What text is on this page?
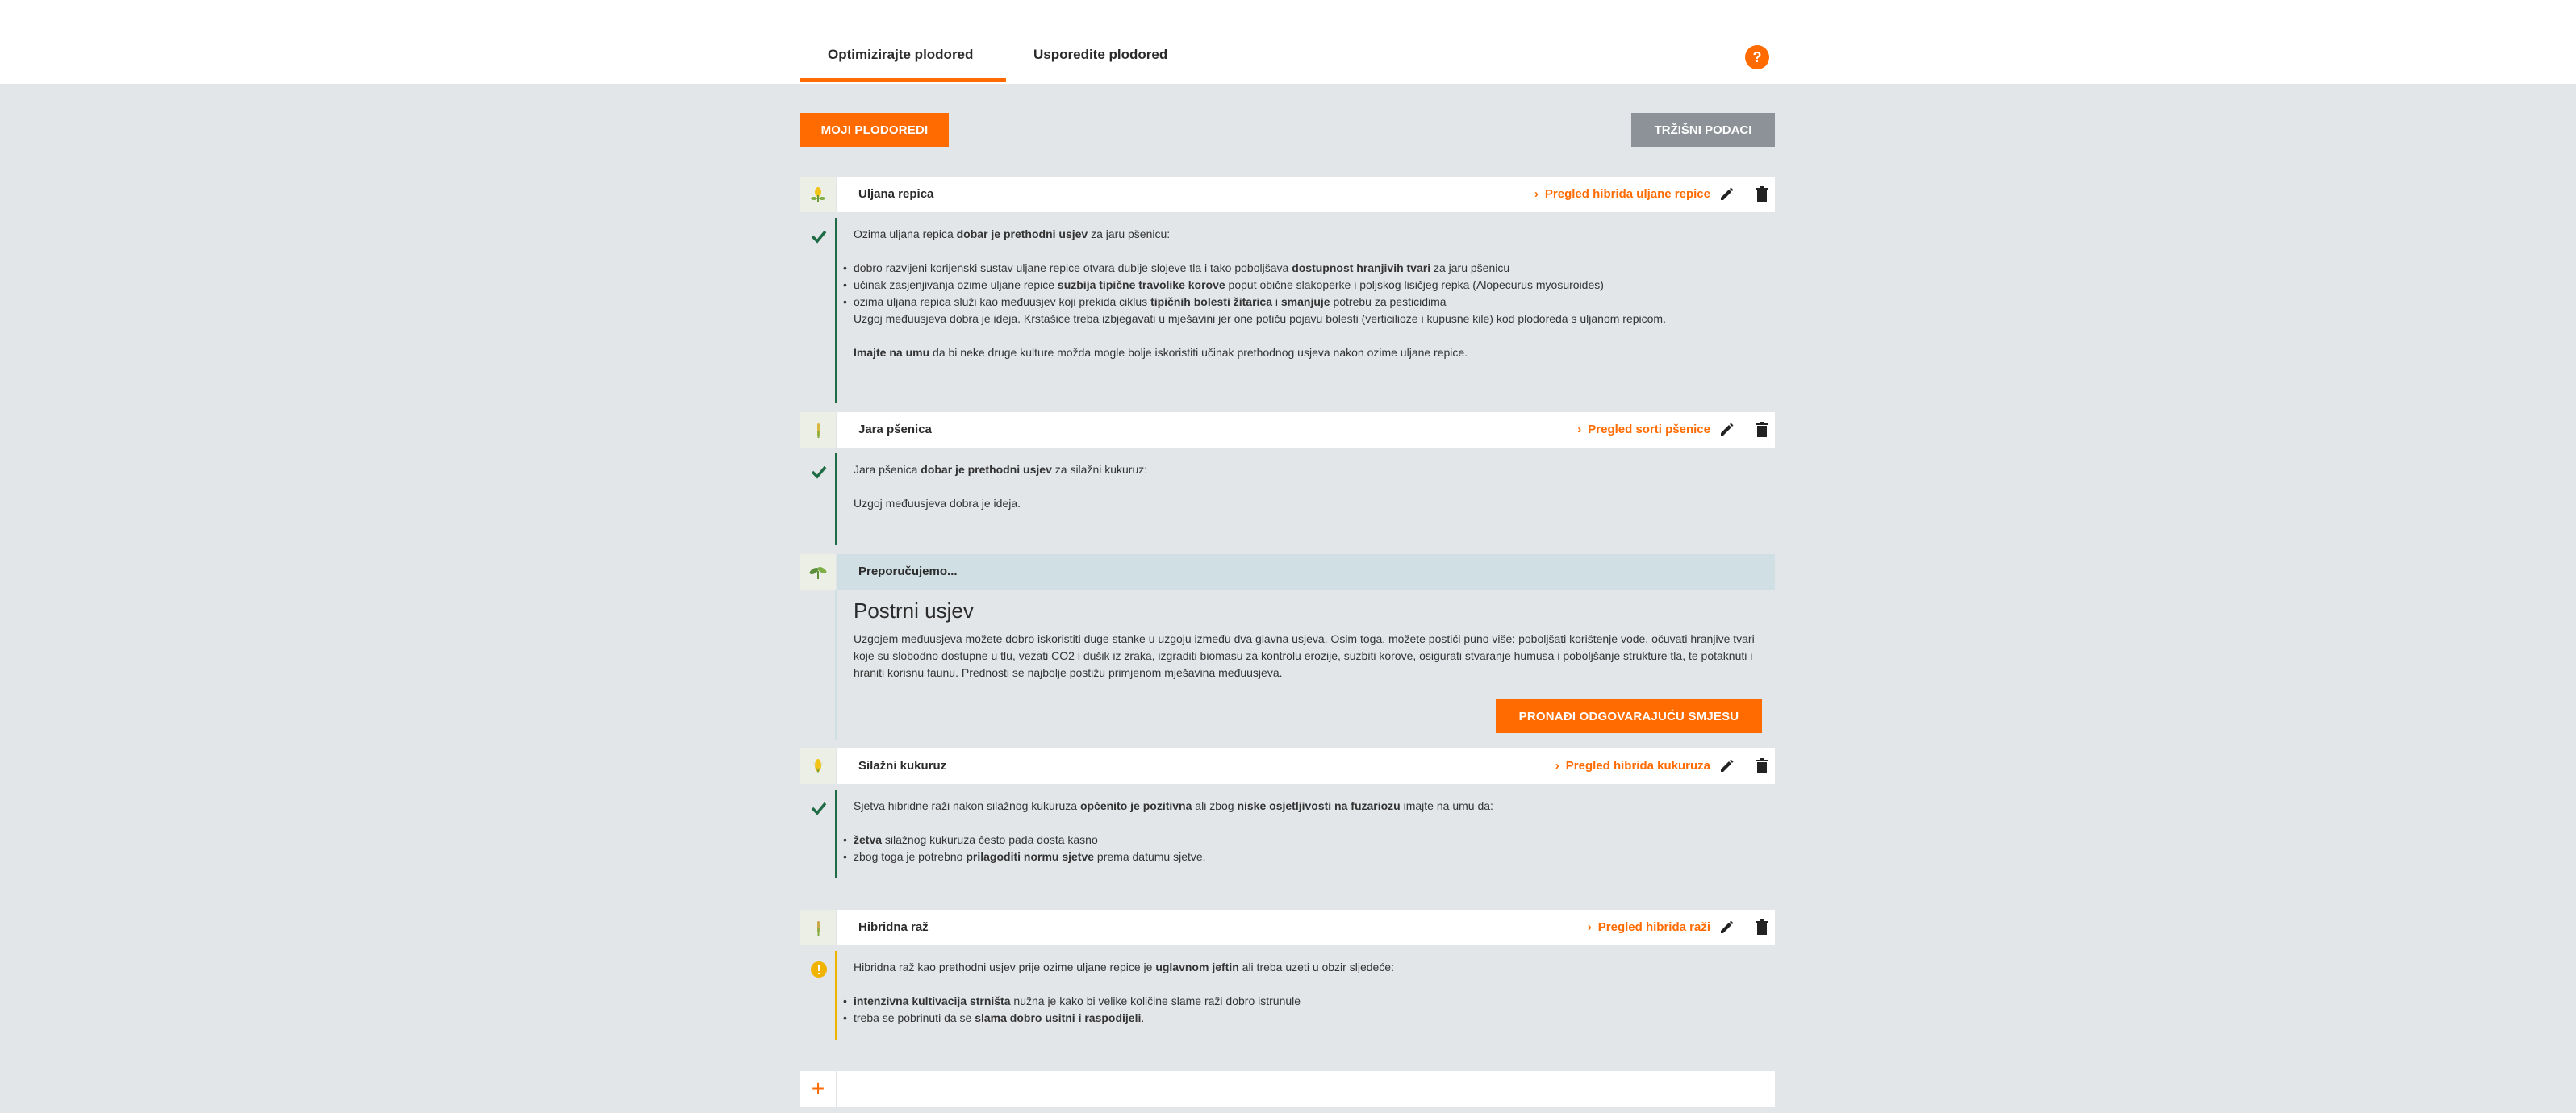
Optimizirajte plodored	Usporedite plodored	?
MOJI PLODOREDI	TRŽIŠNI PODACI
Uljana repica	› Pregled hibrida uljane repice

Ozima uljana repica dobar je prethodni usjev za jaru pšenicu:

• dobro razvijeni korijenski sustav uljane repice otvara dublje slojeve tla i tako poboljšava dostupnost hranjivih tvari za jaru pšenicu
• učinak zasjenjivanja ozime uljane repice suzbija tipične travolike korove poput obične slakoperke i poljskog lisičjeg repka (Alopecurus myosuroides)
• ozima uljana repica služi kao međuusjev koji prekida ciklus tipičnih bolesti žitarica i smanjuje potrebu za pesticidima

Uzgoj međuusjeva dobra je ideja. Krstašice treba izbjegavati u mješavini jer one potiču pojavu bolesti (verticilioze i kupusne kile) kod plodoreda s uljanom repicom.

Imajte na umu da bi neke druge kulture možda mogle bolje iskoristiti učinak prethodnog usjeva nakon ozime uljane repice.

Jara pšenica	› Pregled sorti pšenice

Jara pšenica dobar je prethodni usjev za silažni kukuruz:

Uzgoj međuusjeva dobra je ideja.

Preporučujemo...
Postrni usjev

Uzgojem međuusjeva možete dobro iskoristiti duge stanke u uzgoju između dva glavna usjeva. Osim toga, možete postići puno više: poboljšati korištenje vode, očuvati hranjive tvari koje su slobodno dostupne u tlu, vezati CO2 i dušik iz zraka, izgraditi biomasu za kontrolu erozije, suzbiti korove, osigurati stvaranje humusa i poboljšanje strukture tla, te potaknuti i hraniti korisnu faunu. Prednosti se najbolje postižu primjenom mješavina međuusjeva.

PRONAĐI ODGOVARAJUĆU SMJESU
Silažni kukuruz	› Pregled hibrida kukuruza

Sjetva hibridne raži nakon silažnog kukuruza općenito je pozitivna ali zbog niske osjetljivosti na fuzariozu imajte na umu da:

• žetva silažnog kukuruza često pada dosta kasno
• zbog toga je potrebno prilagoditi normu sjetve prema datumu sjetve.
Hibridna raž	› Pregled hibrida raži

Hibridna raž kao prethodni usjev prije ozime uljane repice je uglavnom jeftin ali treba uzeti u obzir sljedeće:

• intenzivna kultivacija strništa nužna je kako bi velike količine slame raži dobro istrunule
• treba se pobrinuti da se slama dobro usitni i raspodijeli.
+
